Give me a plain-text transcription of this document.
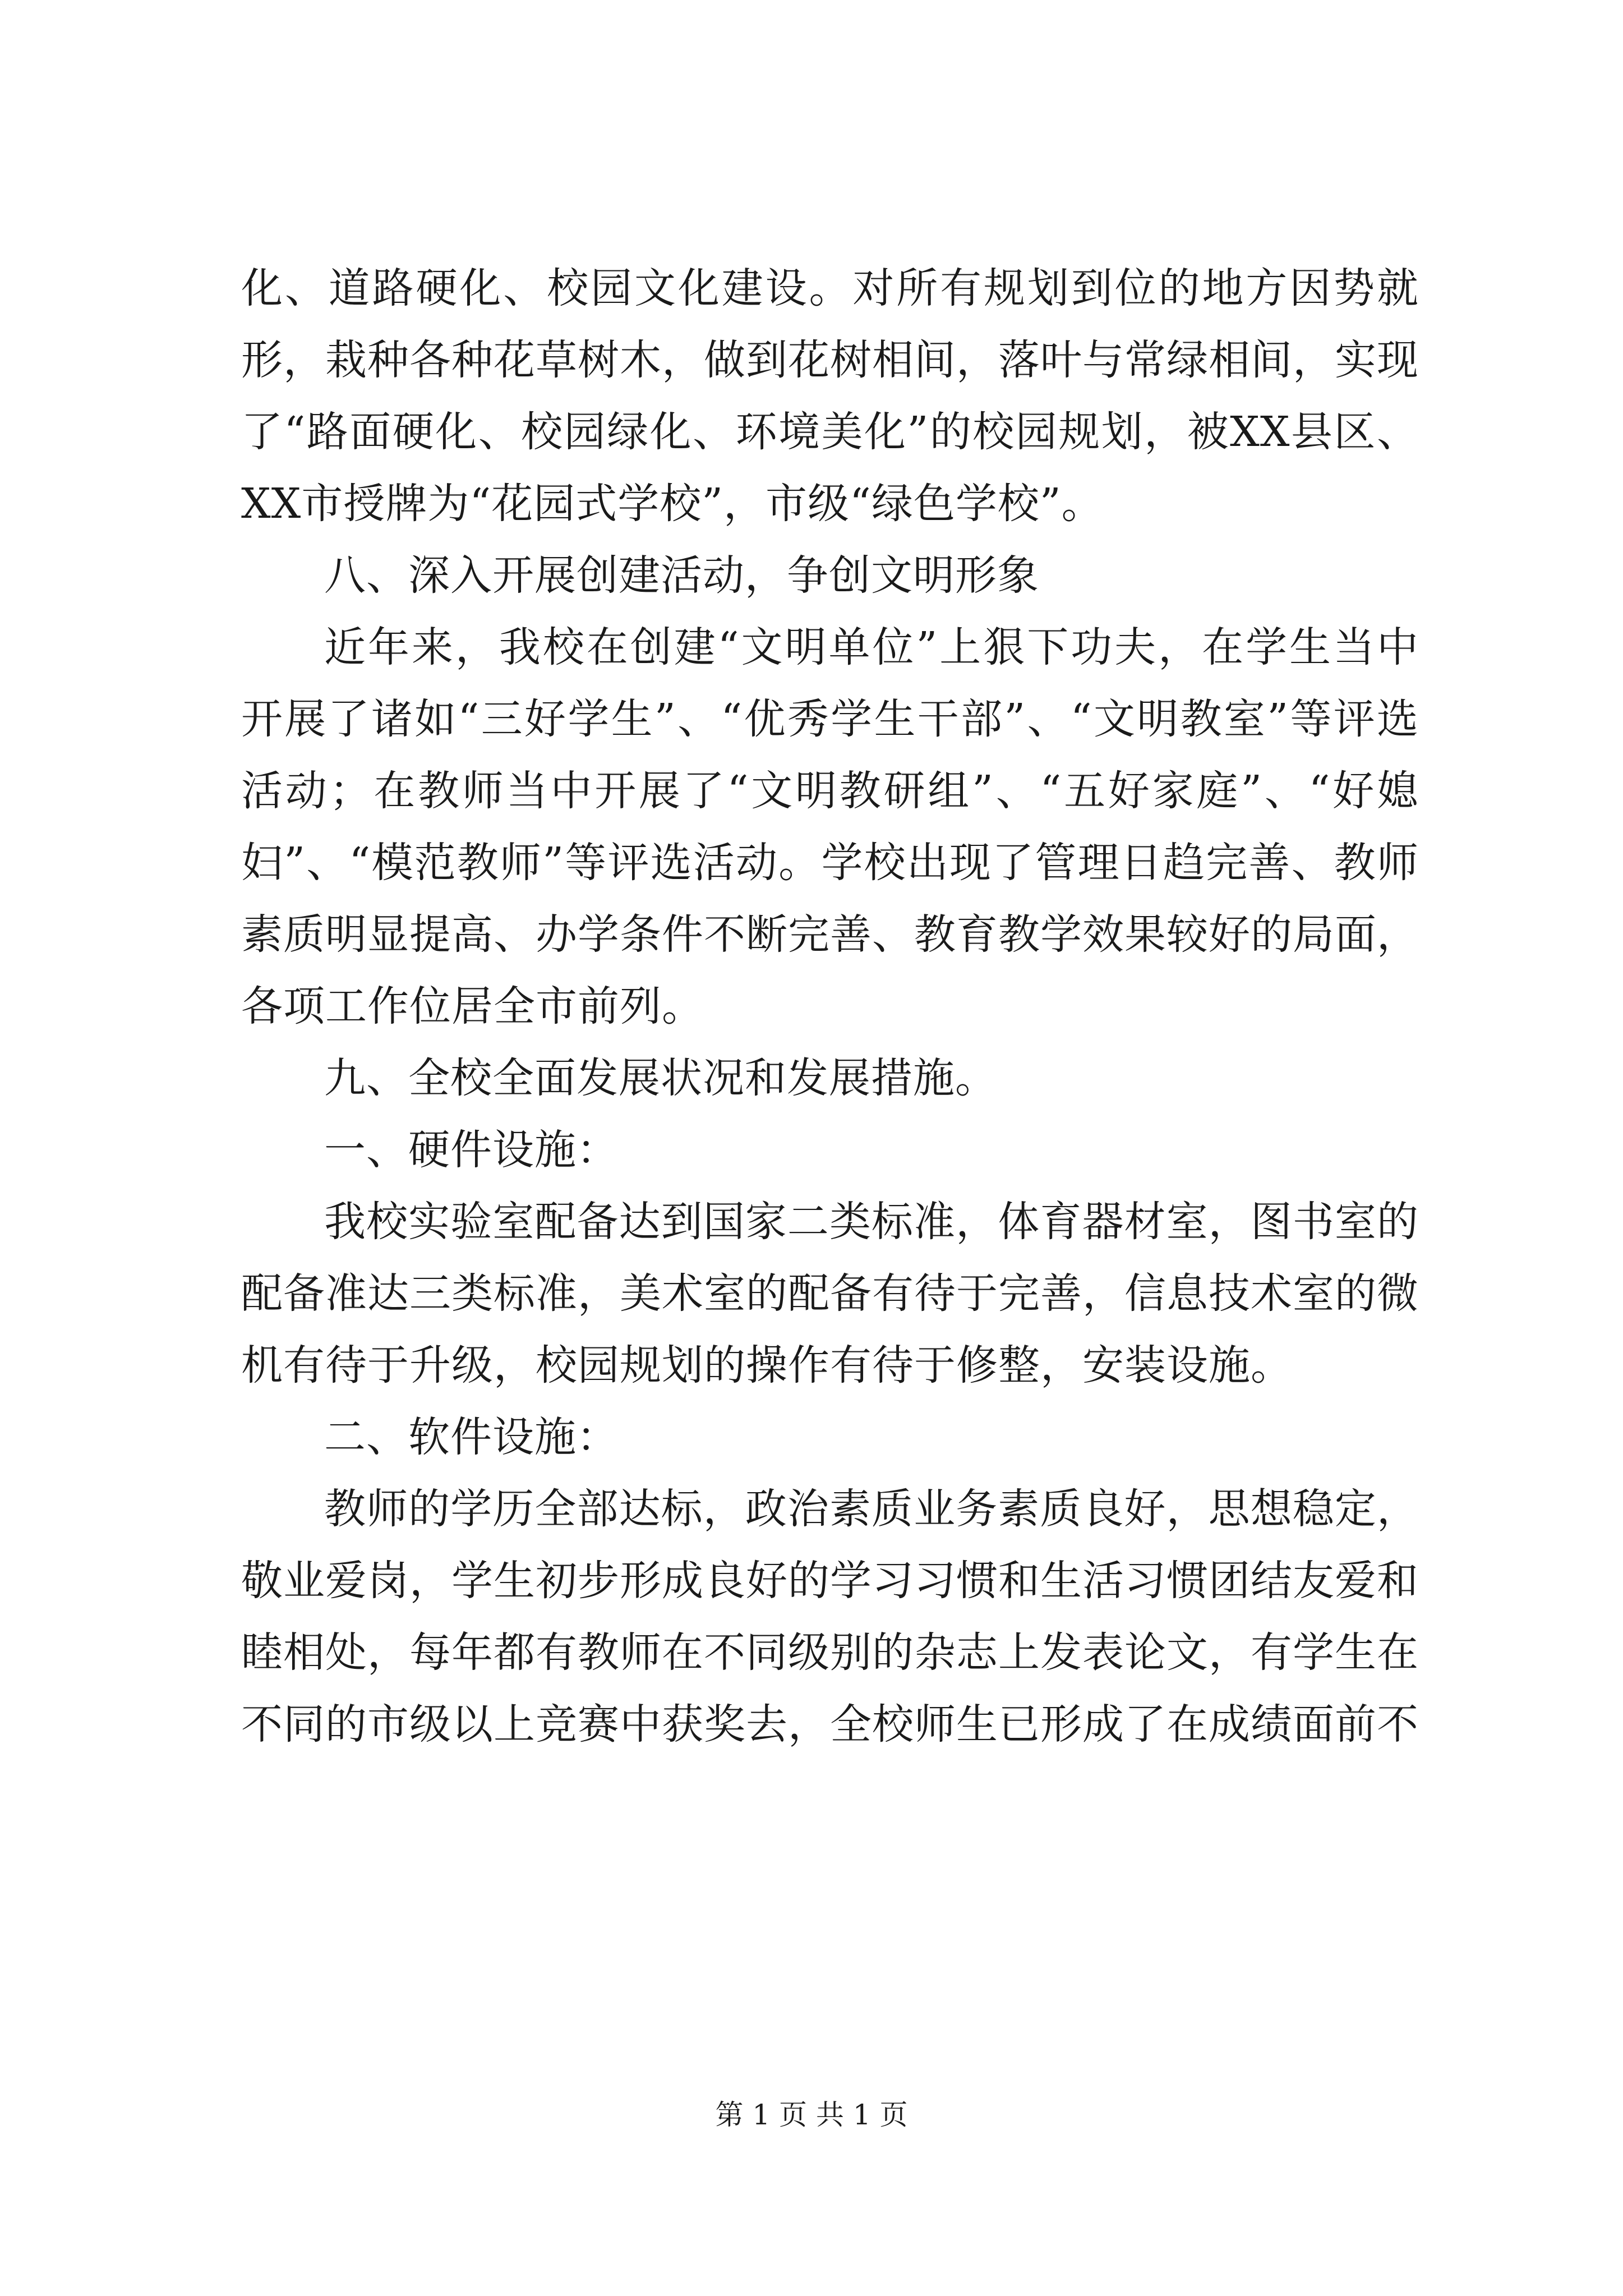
化、道路硬化、校园文化建设。对所有规划到位的地方因势就形，栽种各种花草树木，做到花树相间，落叶与常绿相间，实现了“路面硬化、校园绿化、环境美化”的校园规划，被XX县区、XX市授牌为“花园式学校”，市级“绿色学校”。

八、深入开展创建活动，争创文明形象

近年来，我校在创建“文明单位”上狠下功夫，在学生当中开展了诸如“三好学生”、“优秀学生干部”、“文明教室”等评选活动；在教师当中开展了“文明教研组”、“五好家庭”、“好媳妇”、“模范教师”等评选活动。学校出现了管理日趋完善、教师素质明显提高、办学条件不断完善、教育教学效果较好的局面，各项工作位居全市前列。

九、全校全面发展状况和发展措施。

一、硬件设施：

我校实验室配备达到国家二类标准，体育器材室，图书室的配备准达三类标准，美术室的配备有待于完善，信息技术室的微机有待于升级，校园规划的操作有待于修整，安装设施。

二、软件设施：

教师的学历全部达标，政治素质业务素质良好，思想稳定，敬业爱岗，学生初步形成良好的学习习惯和生活习惯团结友爱和睦相处，每年都有教师在不同级别的杂志上发表论文，有学生在不同的市级以上竞赛中获奖去，全校师生已形成了在成绩面前不

第 1 页 共 1 页
